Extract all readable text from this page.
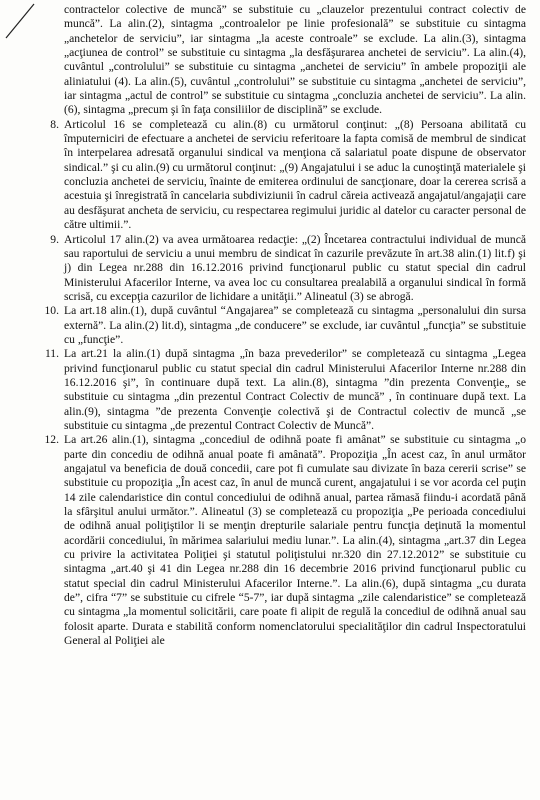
contractelor colective de muncă” se substituie cu „clauzelor prezentului contract colectiv de muncă”. La alin.(2), sintagma „controalelor pe linie profesională” se substituie cu sintagma „anchetelor de serviciu”, iar sintagma „la aceste controale” se exclude. La alin.(3), sintagma „acţiunea de control” se substituie cu sintagma „la desfăşurarea anchetei de serviciu”. La alin.(4), cuvântul „controlului” se substituie cu sintagma „anchetei de serviciu” în ambele propoziţii ale aliniatului (4). La alin.(5), cuvântul „controlului” se substituie cu sintagma „anchetei de serviciu”, iar sintagma „actul de control” se substituie cu sintagma „concluzia anchetei de serviciu”. La alin.(6), sintagma „precum şi în faţa consiliilor de disciplină” se exclude.
8. Articolul 16 se completează cu alin.(8) cu următorul conţinut: „(8) Persoana abilitată cu împuterniciri de efectuare a anchetei de serviciu referitoare la fapta comisă de membrul de sindicat în interpelarea adresată organului sindical va menţiona că salariatul poate dispune de observator sindical.” şi cu alin.(9) cu următorul conţinut: „(9) Angajatului i se aduc la cunoştinţă materialele şi concluzia anchetei de serviciu, înainte de emiterea ordinului de sancţionare, doar la cererea scrisă a acestuia şi înregistrată în cancelaria subdiviziunii în cadrul căreia activează angajatul/angajaţii care au desfăşurat ancheta de serviciu, cu respectarea regimului juridic al datelor cu caracter personal de către ultimii.”.
9. Articolul 17 alin.(2) va avea următoarea redacţie: „(2) Încetarea contractului individual de muncă sau raportului de serviciu a unui membru de sindicat în cazurile prevăzute în art.38 alin.(1) lit.f) şi j) din Legea nr.288 din 16.12.2016 privind funcţionarul public cu statut special din cadrul Ministerului Afacerilor Interne, va avea loc cu consultarea prealabilă a organului sindical în formă scrisă, cu excepţia cazurilor de lichidare a unităţii.” Alineatul (3) se abrogă.
10. La art.18 alin.(1), după cuvântul “Angajarea” se completează cu sintagma „personalului din sursa externă”. La alin.(2) lit.d), sintagma „de conducere” se exclude, iar cuvântul „funcţia” se substituie cu „funcţie”.
11. La art.21 la alin.(1) după sintagma „în baza prevederilor” se completează cu sintagma „Legea privind funcţionarul public cu statut special din cadrul Ministerului Afacerilor Interne nr.288 din 16.12.2016 şi”, în continuare după text. La alin.(8), sintagma ”din prezenta Convenţie„ se substituie cu sintagma „din prezentul Contract Colectiv de muncă” , în continuare după text. La alin.(9), sintagma ”de prezenta Convenţie colectivă şi de Contractul colectiv de muncă „se substituie cu sintagma „de prezentul Contract Colectiv de Muncă”.
12. La art.26 alin.(1), sintagma „concediul de odihnă poate fi amânat” se substituie cu sintagma „o parte din concediu de odihnă anual poate fi amânată”. Propoziţia „În acest caz, în anul următor angajatul va beneficia de două concedii, care pot fi cumulate sau divizate în baza cererii scrise” se substituie cu propoziţia „În acest caz, în anul de muncă curent, angajatului i se vor acorda cel puţin 14 zile calendaristice din contul concediului de odihnă anual, partea rămasă fiindu-i acordată până la sfârşitul anului următor.”. Alineatul (3) se completează cu propoziţia „Pe perioada concediului de odihnă anual poliţiştilor li se menţin drepturile salariale pentru funcţia deţinută la momentul acordării concediului, în mărimea salariului mediu lunar.”. La alin.(4), sintagma „art.37 din Legea cu privire la activitatea Poliţiei şi statutul poliţistului nr.320 din 27.12.2012” se substituie cu sintagma „art.40 şi 41 din Legea nr.288 din 16 decembrie 2016 privind funcţionarul public cu statut special din cadrul Ministerului Afacerilor Interne.”. La alin.(6), după sintagma „cu durata de”, cifra “7” se substituie cu cifrele “5-7”, iar după sintagma „zile calendaristice” se completează cu sintagma „la momentul solicitării, care poate fi alipit de regulă la concediul de odihnă anual sau folosit aparte. Durata e stabilită conform nomenclatorului specialităţilor din cadrul Inspectoratului General al Poliţiei ale
